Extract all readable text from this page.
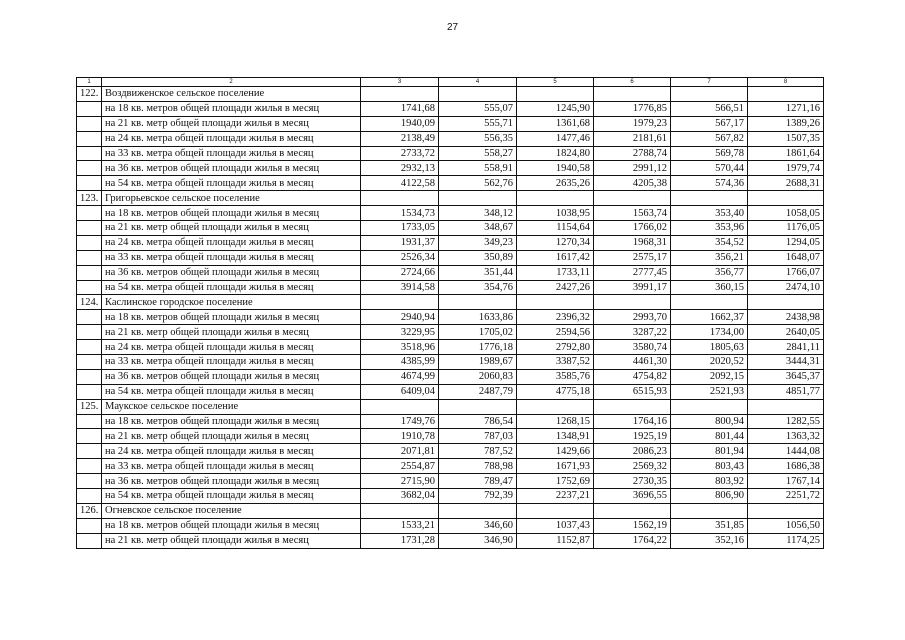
27
1	2	3	4	5	6	7	8
122.	Воздвиженское сельское поселение						
	на 18 кв. метров общей площади жилья в месяц	1741,68	555,07	1245,90	1776,85	566,51	1271,16
	на 21 кв. метр общей площади жилья в месяц	1940,09	555,71	1361,68	1979,23	567,17	1389,26
	на 24 кв. метра общей площади жилья в месяц	2138,49	556,35	1477,46	2181,61	567,82	1507,35
	на 33 кв. метра общей площади жилья в месяц	2733,72	558,27	1824,80	2788,74	569,78	1861,64
	на 36 кв. метров общей площади жилья в месяц	2932,13	558,91	1940,58	2991,12	570,44	1979,74
	на 54 кв. метра общей площади жилья в месяц	4122,58	562,76	2635,26	4205,38	574,36	2688,31
123.	Григорьевское сельское поселение						
	на 18 кв. метров общей площади жилья в месяц	1534,73	348,12	1038,95	1563,74	353,40	1058,05
	на 21 кв. метр общей площади жилья в месяц	1733,05	348,67	1154,64	1766,02	353,96	1176,05
	на 24 кв. метра общей площади жилья в месяц	1931,37	349,23	1270,34	1968,31	354,52	1294,05
	на 33 кв. метра общей площади жилья в месяц	2526,34	350,89	1617,42	2575,17	356,21	1648,07
	на 36 кв. метров общей площади жилья в месяц	2724,66	351,44	1733,11	2777,45	356,77	1766,07
	на 54 кв. метра общей площади жилья в месяц	3914,58	354,76	2427,26	3991,17	360,15	2474,10
124.	Каслинское городское поселение						
	на 18 кв. метров общей площади жилья в месяц	2940,94	1633,86	2396,32	2993,70	1662,37	2438,98
	на 21 кв. метр общей площади жилья в месяц	3229,95	1705,02	2594,56	3287,22	1734,00	2640,05
	на 24 кв. метра общей площади жилья в месяц	3518,96	1776,18	2792,80	3580,74	1805,63	2841,11
	на 33 кв. метра общей площади жилья в месяц	4385,99	1989,67	3387,52	4461,30	2020,52	3444,31
	на 36 кв. метров общей площади жилья в месяц	4674,99	2060,83	3585,76	4754,82	2092,15	3645,37
	на 54 кв. метра общей площади жилья в месяц	6409,04	2487,79	4775,18	6515,93	2521,93	4851,77
125.	Маукское сельское поселение						
	на 18 кв. метров общей площади жилья в месяц	1749,76	786,54	1268,15	1764,16	800,94	1282,55
	на 21 кв. метр общей площади жилья в месяц	1910,78	787,03	1348,91	1925,19	801,44	1363,32
	на 24 кв. метра общей площади жилья в месяц	2071,81	787,52	1429,66	2086,23	801,94	1444,08
	на 33 кв. метра общей площади жилья в месяц	2554,87	788,98	1671,93	2569,32	803,43	1686,38
	на 36 кв. метров общей площади жилья в месяц	2715,90	789,47	1752,69	2730,35	803,92	1767,14
	на 54 кв. метра общей площади жилья в месяц	3682,04	792,39	2237,21	3696,55	806,90	2251,72
126.	Огневское сельское поселение						
	на 18 кв. метров общей площади жилья в месяц	1533,21	346,60	1037,43	1562,19	351,85	1056,50
	на 21 кв. метр общей площади жилья в месяц	1731,28	346,90	1152,87	1764,22	352,16	1174,25
